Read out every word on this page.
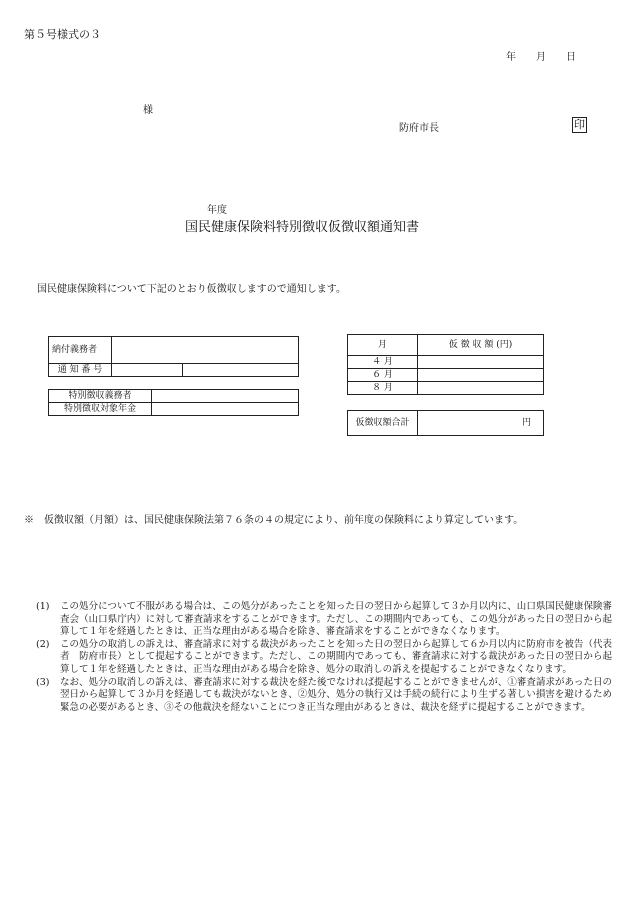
第５号様式の３
年　　月　　日
様
防府市長	印
年度
国民健康保険料特別徴収仮徴収額通知書
国民健康保険料について下記のとおり仮徴収しますので通知します。
納付義務者		
通 知 番 号		
特別徴収義務者	
特別徴収対象年金	
月	仮 徴 収 額 (円)
４ 月	
６ 月	
８ 月	
仮徴収額合計	円
※　仮徴収額（月額）は、国民健康保険法第７６条の４の規定により、前年度の保険料により算定しています。
(1)	この処分について不服がある場合は、この処分があったことを知った日の翌日から起算して３か月以内に、山口県国民健康保険審査会（山口県庁内）に対して審査請求をすることができます。ただし、この期間内であっても、この処分があった日の翌日から起算して１年を経過したときは、正当な理由がある場合を除き、審査請求をすることができなくなります。
(2)	この処分の取消しの訴えは、審査請求に対する裁決があったことを知った日の翌日から起算して６か月以内に防府市を被告（代表者　防府市長）として提起することができます。ただし、この期間内であっても、審査請求に対する裁決があった日の翌日から起算して１年を経過したときは、正当な理由がある場合を除き、処分の取消しの訴えを提起することができなくなります。
(3)	なお、処分の取消しの訴えは、審査請求に対する裁決を経た後でなければ提起することができませんが、①審査請求があった日の翌日から起算して３か月を経過しても裁決がないとき、②処分、処分の執行又は手続の続行により生ずる著しい損害を避けるため緊急の必要があるとき、③その他裁決を経ないことにつき正当な理由があるときは、裁決を経ずに提起することができます。
